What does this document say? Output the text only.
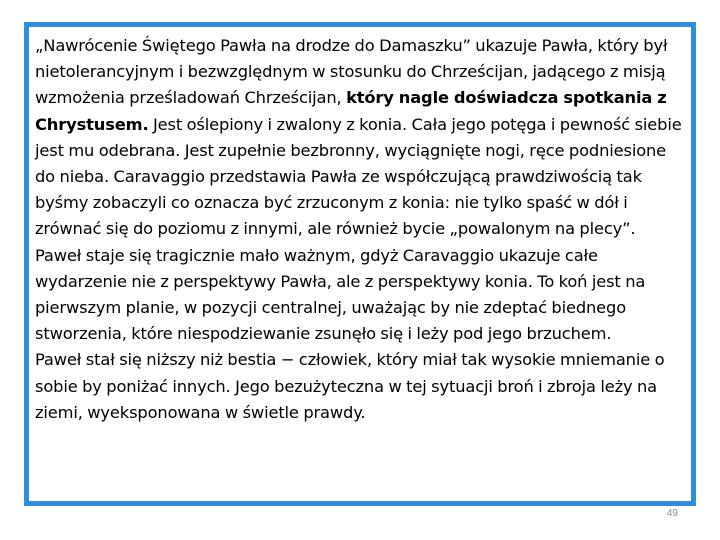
„Nawrócenie Świętego Pawła na drodze do Damaszku” ukazuje Pawła, który był nietolerancyjnym i bezwzględnym w stosunku do Chrześcijan, jadącego z misją wzmożenia prześladowań Chrześcijan, który nagle doświadcza spotkania z Chrystusem. Jest oślepiony i zwalony z konia. Cała jego potęga i pewność siebie jest mu odebrana. Jest zupełnie bezbronny, wyciągnięte nogi, ręce podniesione do nieba. Caravaggio przedstawia Pawła ze współczującą prawdziwością tak byśmy zobaczyli co oznacza być zrzuconym z konia: nie tylko spaść w dół i zrównać się do poziomu z innymi, ale również bycie „powalonym na plecy”. Paweł staje się tragicznie mało ważnym, gdyż Caravaggio ukazuje całe wydarzenie nie z perspektywy Pawła, ale z perspektywy konia. To koń jest na pierwszym planie, w pozycji centralnej, uważając by nie zdeptać biednego stworzenia, które niespodziewanie zsunęło się i leży pod jego brzuchem.

Paweł stał się niższy niż bestia − człowiek, który miał tak wysokie mniemanie o sobie by poniżać innych. Jego bezużyteczna w tej sytuacji broń i zbroja leży na ziemi, wyeksponowana w świetle prawdy.

49
